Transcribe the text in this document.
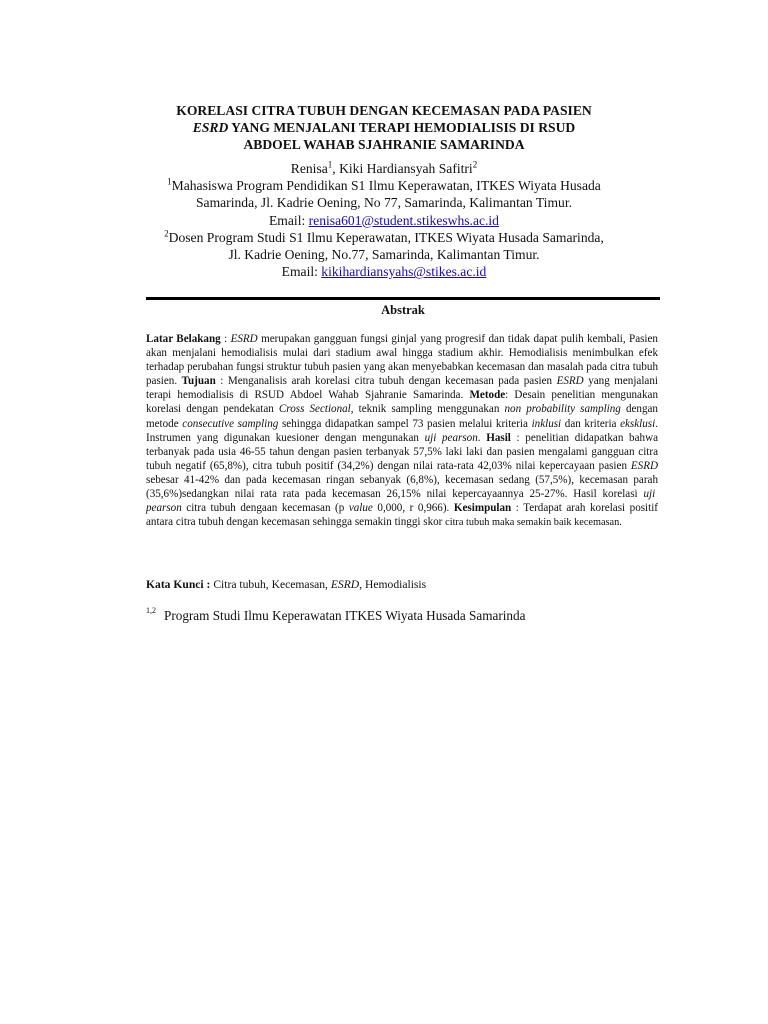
KORELASI CITRA TUBUH DENGAN KECEMASAN PADA PASIEN
ESRD YANG MENJALANI TERAPI HEMODIALISIS DI RSUD
ABDOEL WAHAB SJAHRANIE SAMARINDA
Renisa$^1$, Kiki Hardiansyah Safitri$^2$
$^1$Mahasiswa Program Pendidikan S1 Ilmu Keperawatan, ITKES Wiyata Husada
Samarinda, Jl. Kadrie Oening, No 77, Samarinda, Kalimantan Timur.
Email: renisa601@student.stikeswhs.ac.id
$^2$Dosen Program Studi S1 Ilmu Keperawatan, ITKES Wiyata Husada Samarinda,
Jl. Kadrie Oening, No.77, Samarinda, Kalimantan Timur.
Email: kikihardiansyahs@stikes.ac.id
Abstrak

Latar Belakang : ESRD merupakan gangguan fungsi ginjal yang progresif dan tidak dapat pulih kembali, Pasien akan menjalani hemodialisis mulai dari stadium awal hingga stadium akhir. Hemodialisis menimbulkan efek terhadap perubahan fungsi struktur tubuh pasien yang akan menyebabkan kecemasan dan masalah pada citra tubuh pasien. Tujuan : Menganalisis arah korelasi citra tubuh dengan kecemasan pada pasien ESRD yang menjalani terapi hemodialisis di RSUD Abdoel Wahab Sjahranie Samarinda. Metode: Desain penelitian mengunakan korelasi dengan pendekatan Cross Sectional, teknik sampling menggunakan non probability sampling dengan metode consecutive sampling sehingga didapatkan sampel 73 pasien melalui kriteria inklusi dan kriteria eksklusi. Instrumen yang digunakan kuesioner dengan mengunakan uji pearson. Hasil : penelitian didapatkan bahwa terbanyak pada usia 46-55 tahun dengan pasien terbanyak 57,5% laki laki dan pasien mengalami gangguan citra tubuh negatif (65,8%), citra tubuh positif (34,2%) dengan nilai rata-rata 42,03% nilai kepercayaan pasien ESRD sebesar 41-42% dan pada kecemasan ringan sebanyak (6,8%), kecemasan sedang (57,5%), kecemasan parah (35,6%)sedangkan nilai rata rata pada kecemasan 26,15% nilai kepercayaannya 25-27%. Hasil korelasi uji  pearson citra tubuh dengaan kecemasan (p value 0,000, r 0,966). Kesimpulan : Terdapat arah korelasi positif antara citra tubuh dengan kecemasan sehingga semakin tinggi skor citra tubuh maka semakin baik kecemasan.

Kata Kunci : Citra tubuh, Kecemasan, ESRD, Hemodialisis
$^{1,2}$ Program Studi Ilmu Keperawatan ITKES Wiyata Husada Samarinda
